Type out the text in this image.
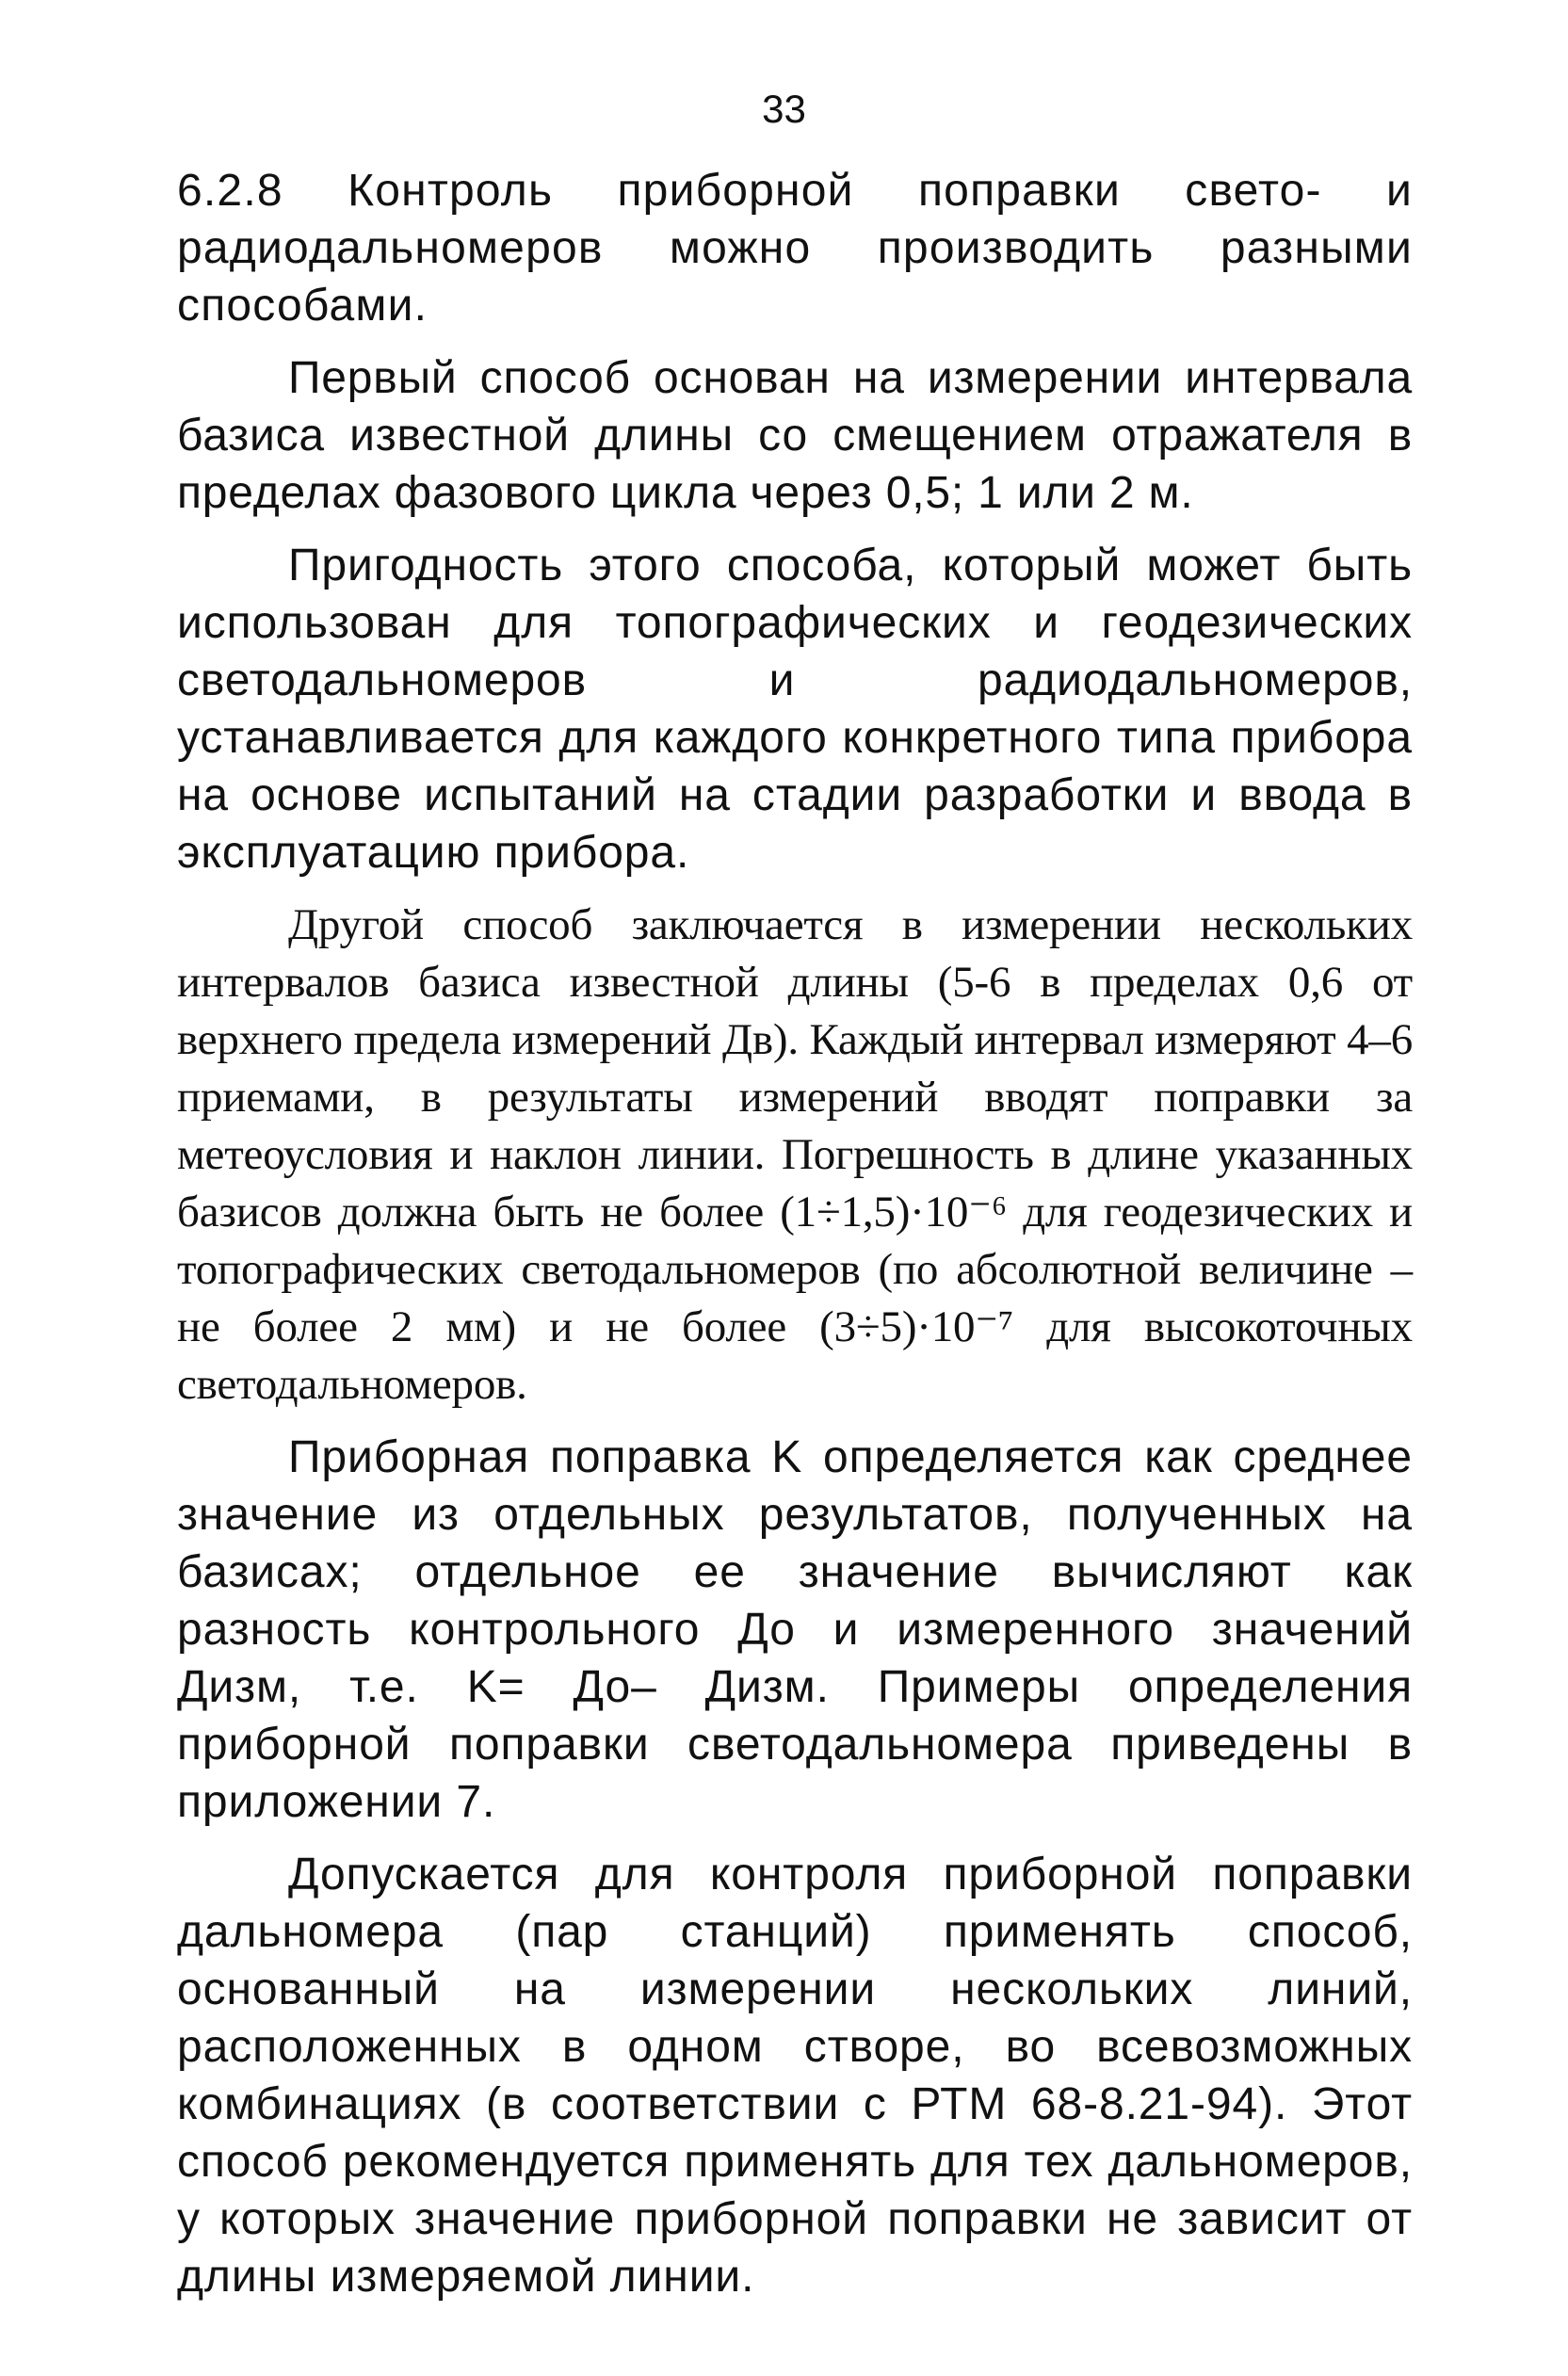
33

6.2.8 Контроль приборной поправки свето- и радиодальномеров можно производить разными способами.

Первый способ основан на измерении интервала базиса известной длины со смещением отражателя в пределах фазового цикла через 0,5; 1 или 2 м.

Пригодность этого способа, который может быть использован для топографических и геодезических светодальномеров и радиодальномеров, устанавливается для каждого конкретного типа прибора на основе испытаний на стадии разработки и ввода в эксплуатацию прибора.

Другой способ заключается в измерении нескольких интервалов базиса известной длины (5-6 в пределах 0,6 от верхнего предела измерений Дв). Каждый интервал измеряют 4–6 приемами, в результаты измерений вводят поправки за метеоусловия и наклон линии. Погрешность в длине указанных базисов должна быть не более (1÷1,5)·10⁻⁶ для геодезических и топографических светодальномеров (по абсолютной величине – не более 2 мм) и не более (3÷5)·10⁻⁷ для высокоточных светодальномеров.

Приборная поправка K определяется как среднее значение из отдельных результатов, полученных на базисах; отдельное ее значение вычисляют как разность контрольного До и измеренного значений Дизм, т.е. K= До– Дизм. Примеры определения приборной поправки светодальномера приведены в приложении 7.

Допускается для контроля приборной поправки дальномера (пар станций) применять способ, основанный на измерении нескольких линий, расположенных в одном створе, во всевозможных комбинациях (в соответствии с РТМ 68-8.21-94). Этот способ рекомендуется применять для тех дальномеров, у которых значение приборной поправки не зависит от длины измеряемой линии.
